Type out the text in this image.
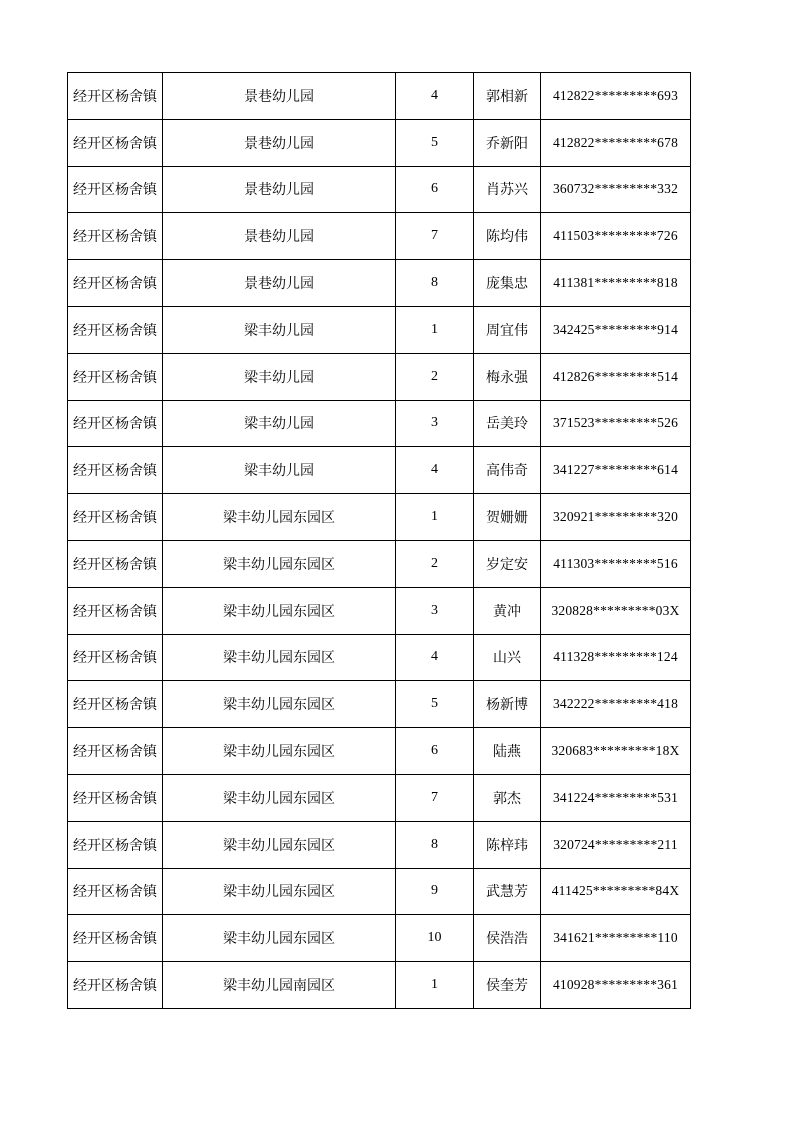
经开区杨舍镇	景巷幼儿园	4	郭相新	412822*********693
经开区杨舍镇	景巷幼儿园	5	乔新阳	412822*********678
经开区杨舍镇	景巷幼儿园	6	肖苏兴	360732*********332
经开区杨舍镇	景巷幼儿园	7	陈均伟	411503*********726
经开区杨舍镇	景巷幼儿园	8	庞集忠	411381*********818
经开区杨舍镇	梁丰幼儿园	1	周宜伟	342425*********914
经开区杨舍镇	梁丰幼儿园	2	梅永强	412826*********514
经开区杨舍镇	梁丰幼儿园	3	岳美玲	371523*********526
经开区杨舍镇	梁丰幼儿园	4	高伟奇	341227*********614
经开区杨舍镇	梁丰幼儿园东园区	1	贺姗姗	320921*********320
经开区杨舍镇	梁丰幼儿园东园区	2	岁定安	411303*********516
经开区杨舍镇	梁丰幼儿园东园区	3	黄冲	320828*********03X
经开区杨舍镇	梁丰幼儿园东园区	4	山兴	411328*********124
经开区杨舍镇	梁丰幼儿园东园区	5	杨新博	342222*********418
经开区杨舍镇	梁丰幼儿园东园区	6	陆燕	320683*********18X
经开区杨舍镇	梁丰幼儿园东园区	7	郭杰	341224*********531
经开区杨舍镇	梁丰幼儿园东园区	8	陈梓玮	320724*********211
经开区杨舍镇	梁丰幼儿园东园区	9	武慧芳	411425*********84X
经开区杨舍镇	梁丰幼儿园东园区	10	侯浩浩	341621*********110
经开区杨舍镇	梁丰幼儿园南园区	1	侯奎芳	410928*********361
